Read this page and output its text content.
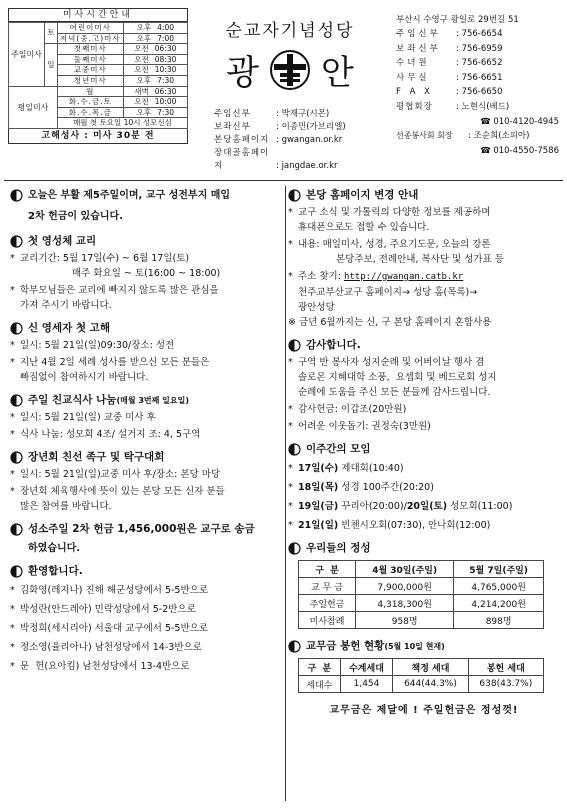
미사시간안내
주일미사	토	어린이미사	오후 4:00
		저녁(중.고)미사	오후 7:00
	일	첫째미사	오전 06:30
		둘째미사	오전 08:30
		교중미사	오전 10:30
		청년미사	오후 7:30
평일미사		월	새벽 06:30
		화.수.금.토	오전 10:00
		화.수.목.금	오후 7:30
		매월 첫 토요일 10시 성모신심	
고해성사 : 미사 30분 전
순교자기념성당
광 안
주임신부	: 박재구(시몬)
보좌신부	: 이종민(가브리엘)
본당홈페이지 : gwangan.or.kr
장대골홈페이지	: jangdae.or.kr
부산시 수영구 광일로 29번길 51
주임신부	: 756-6654
보좌신부	: 756-6959
수녀원	: 756-6652
사무실	: 756-6651
F A X	: 756-6650
평협회장	: 노현식(베드)
☎ 010-4120-4945
선종봉사회 회장	: 조순희(소피아)
☎ 010-4550-7586
오늘은 부활 제5주일이며, 교구 성전부지 매입
2차 헌금이 있습니다.
첫 영성체 교리
* 교리기간: 5월 17일(수) ~ 6월 17일(토)
매주 화요일 ~ 토(16:00 ~ 18:00)
* 학부모님들은 교리에 빠지지 않도록 많은 관심을
가져 주시기 바랍니다.
신 영세자 첫 고해
* 일시: 5월 21일(일)09:30/장소: 성전
* 지난 4월 2일 세례 성사를 받으신 모든 분들은
빠짐없이 참여하시기 바랍니다.
주일 친교식사 나눔(매월 3번째 일요일)
* 일시: 5월 21일(일) 교중 미사 후
* 식사 나눔: 성모회 4조/ 설거지 조: 4, 5구역
장년회 친선 족구 및 탁구대회
* 일시: 5월 21일(일)교중 미사 후/장소: 본당 마당
* 장년회 체육행사에 뜻이 있는 본당 모든 신자 분들
많은 참여를 바랍니다.
성소주일 2차 헌금 1,456,000원은 교구로 송금
하였습니다.
환영합니다.
* 김화영(레지나) 진해 해군성당에서 5-5반으로
* 박성란(안드레아) 민락성당에서 5-2반으로
* 박정희(세시리아) 서울대 교구에서 5-5반으로
* 정소영(율리아나) 남천성당에서 14-3반으로
* 문  헌(요아킴) 남천성당에서 13-4반으로
본당 홈페이지 변경 안내
* 교구 소식 및 가톨릭의 다양한 정보를 제공하며
휴대폰으로도 접할 수 있습니다.
* 내용: 매일미사, 성경, 주요기도문, 오늘의 강론
본당주보, 전례안내, 복사단 및 성가표 등
* 주소 찾기: http://gwangan.catb.kr
천주교부산교구 홈페이지→ 성당 홈(목록)→
광안성당
※ 금년 6월까지는 신, 구 본당 홈페이지 혼합사용
감사합니다.
* 구역 반 봉사자 성지순례 및 어버이날 행사 겸
솔로몬 지혜대학 소풍,  요셉회 및 베드로회 성지
순례에 도움을 주신 모든 분들께 감사드립니다.
* 감사헌금: 이갑조(20만원)
* 어려운 이웃돕기: 권정숙(3만원)
이주간의 모임
* 17일(수) 제대회(10:40)
* 18일(목) 성경 100주간(20:20)
* 19일(금) 꾸리아(20:00)/20일(토) 성모회(11:00)
* 21일(일) 빈첸시오회(07:30), 안나회(12:00)
우리들의 정성
구  분	4월 30일(주일)	5월 7일(주일)
교 무 금	7,900,000원	4,765,000원
주일헌금	4,318,300원	4,214,200원
미사참례	958명	898명
교무금 봉헌 현황(5월 10일 현재)
구  분	수계세대	책정 세대	봉헌 세대
세대수	1,454	644(44.3%)	638(43.7%)
교무금은 제달에 ! 주일헌금은 정성껏!
